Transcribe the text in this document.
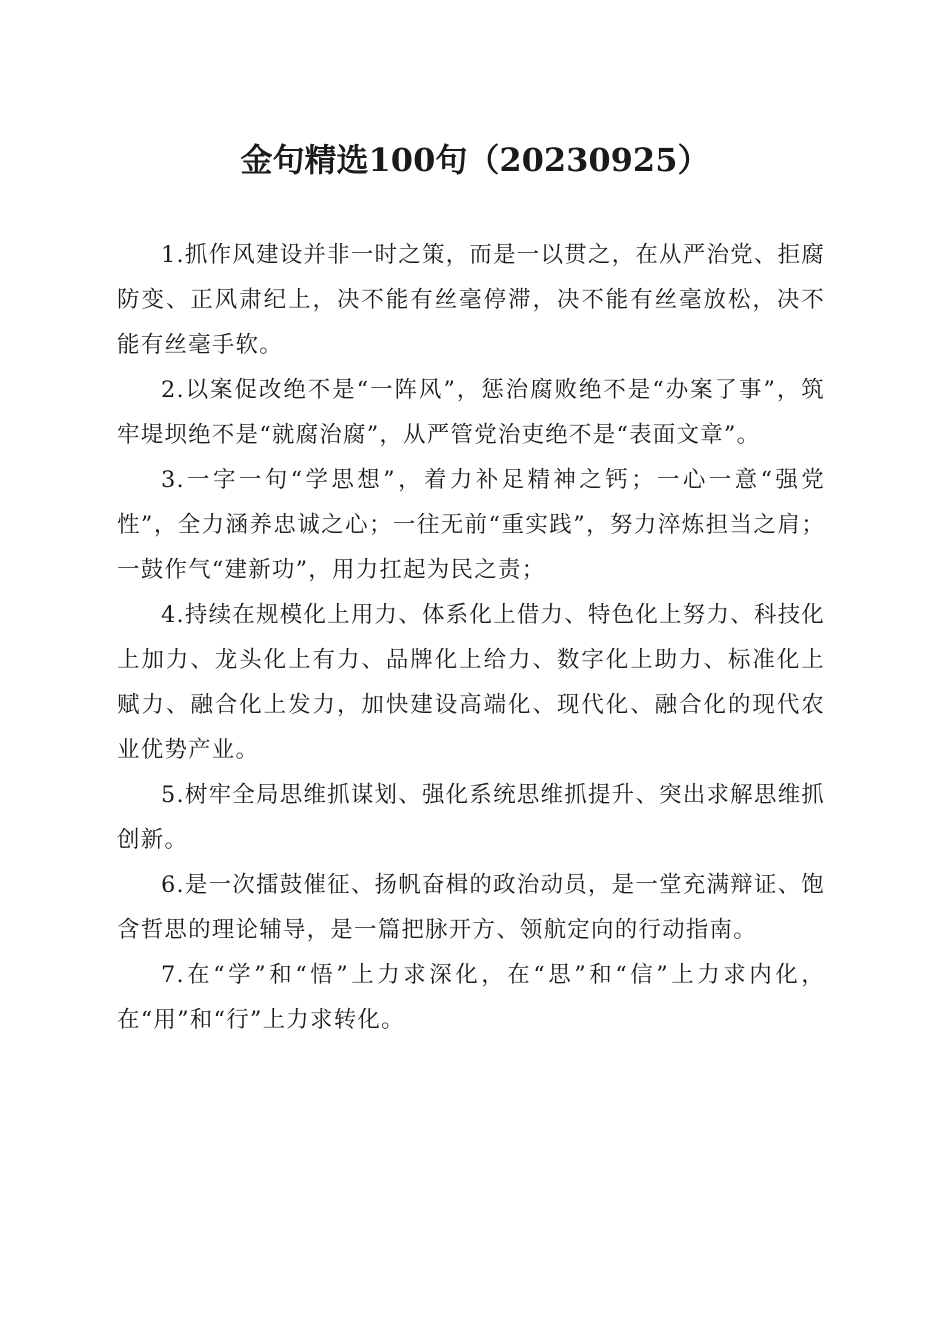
金句精选100句（20230925）

1.抓作风建设并非一时之策，而是一以贯之，在从严治党、拒腐防变、正风肃纪上，决不能有丝毫停滞，决不能有丝毫放松，决不能有丝毫手软。

2.以案促改绝不是“一阵风”，惩治腐败绝不是“办案了事”，筑牢堤坝绝不是“就腐治腐”，从严管党治吏绝不是“表面文章”。

3.一字一句“学思想”，着力补足精神之钙；一心一意“强党性”，全力涵养忠诚之心；一往无前“重实践”，努力淬炼担当之肩；一鼓作气“建新功”，用力扛起为民之责；

4.持续在规模化上用力、体系化上借力、特色化上努力、科技化上加力、龙头化上有力、品牌化上给力、数字化上助力、标准化上赋力、融合化上发力，加快建设高端化、现代化、融合化的现代农业优势产业。

5.树牢全局思维抓谋划、强化系统思维抓提升、突出求解思维抓创新。

6.是一次擂鼓催征、扬帆奋楫的政治动员，是一堂充满辩证、饱含哲思的理论辅导，是一篇把脉开方、领航定向的行动指南。

7.在“学”和“悟”上力求深化，在“思”和“信”上力求内化，在“用”和“行”上力求转化。
